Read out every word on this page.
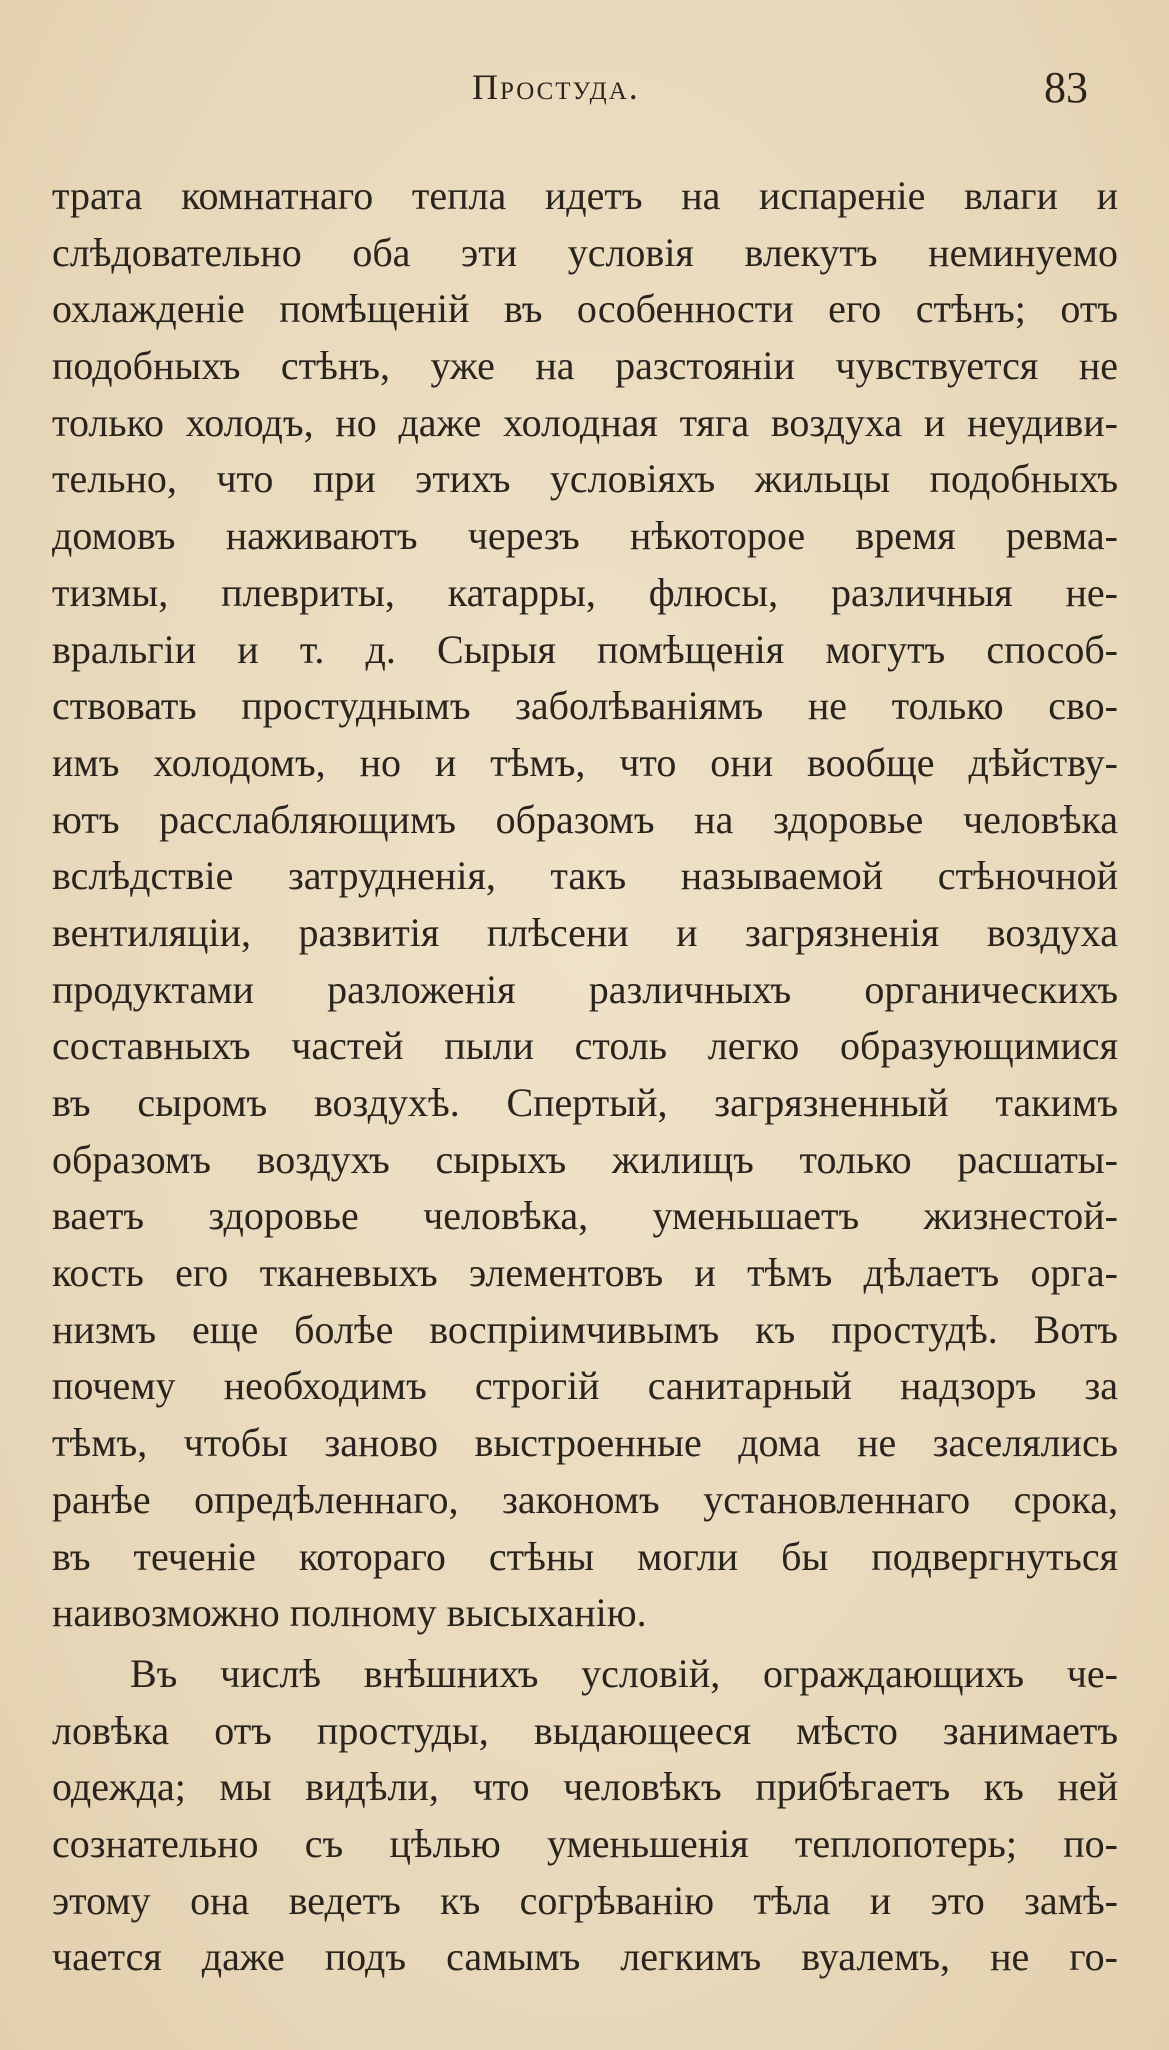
Простуда.	83
трата комнатнаго тепла идетъ на испареніе влаги и
слѣдовательно оба эти условія влекутъ неминуемо
охлажденіе помѣщеній въ особенности его стѣнъ; отъ
подобныхъ стѣнъ, уже на разстояніи чувствуется не
только холодъ, но даже холодная тяга воздуха и неудиви-
тельно, что при этихъ условіяхъ жильцы подобныхъ
домовъ наживаютъ черезъ нѣкоторое время ревма-
тизмы, плевриты, катарры, флюсы, различныя не-
вральгіи и т. д. Сырыя помѣщенія могутъ способ-
ствовать простуднымъ заболѣваніямъ не только сво-
имъ холодомъ, но и тѣмъ, что они вообще дѣйству-
ютъ расслабляющимъ образомъ на здоровье человѣка
вслѣдствіе затрудненія, такъ называемой стѣночной
вентиляціи, развитія плѣсени и загрязненія воздуха
продуктами разложенія различныхъ органическихъ
составныхъ частей пыли столь легко образующимися
въ сыромъ воздухѣ. Спертый, загрязненный такимъ
образомъ воздухъ сырыхъ жилищъ только расшаты-
ваетъ здоровье человѣка, уменьшаетъ жизнестой-
кость его тканевыхъ элементовъ и тѣмъ дѣлаетъ орга-
низмъ еще болѣе воспріимчивымъ къ простудѣ. Вотъ
почему необходимъ строгій санитарный надзоръ за
тѣмъ, чтобы заново выстроенные дома не заселялись
ранѣе опредѣленнаго, закономъ установленнаго срока,
въ теченіе котораго стѣны могли бы подвергнуться
наивозможно полному высыханію.
Въ числѣ внѣшнихъ условій, ограждающихъ че-
ловѣка отъ простуды, выдающееся мѣсто занимаетъ
одежда; мы видѣли, что человѣкъ прибѣгаетъ къ ней
сознательно съ цѣлью уменьшенія теплопотерь; по-
этому она ведетъ къ согрѣванію тѣла и это замѣ-
чается даже подъ самымъ легкимъ вуалемъ, не го-
